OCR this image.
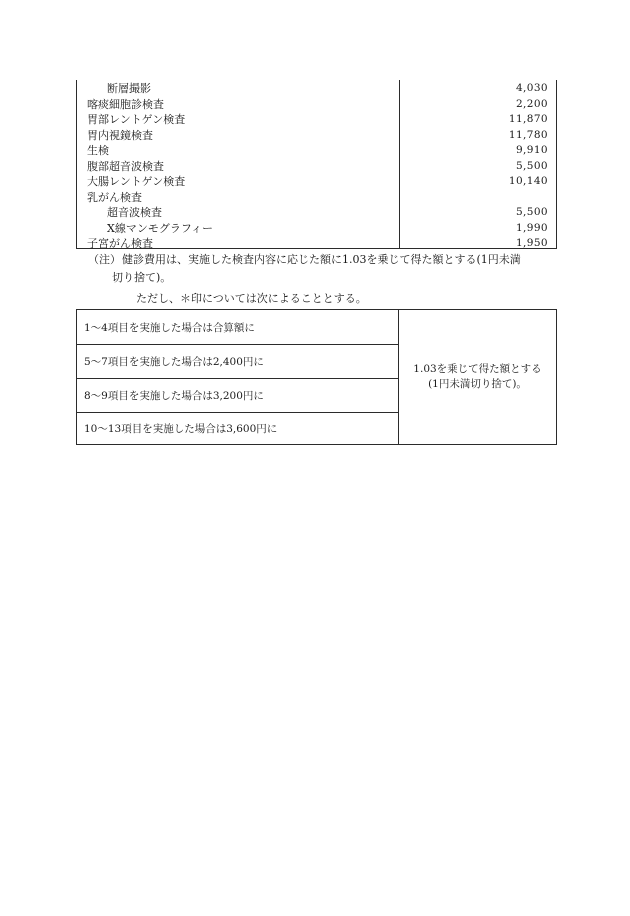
断層撮影	4,030
喀痰細胞診検査	2,200
胃部レントゲン検査	11,870
胃内視鏡検査	11,780
生検	9,910
腹部超音波検査	5,500
大腸レントゲン検査	10,140
乳がん検査
超音波検査	5,500
X線マンモグラフィー	1,990
子宮がん検査	1,950
（注） 健診費用は、実施した検査内容に応じた額に1.03を乗じて得た額とする(1円未満
切り捨て)。
ただし、＊印については次によることとする。
1～4項目を実施した場合は合算額に
5～7項目を実施した場合は2,400円に
8～9項目を実施した場合は3,200円に
10～13項目を実施した場合は3,600円に
1.03を乗じて得た額とする
(1円未満切り捨て)。
